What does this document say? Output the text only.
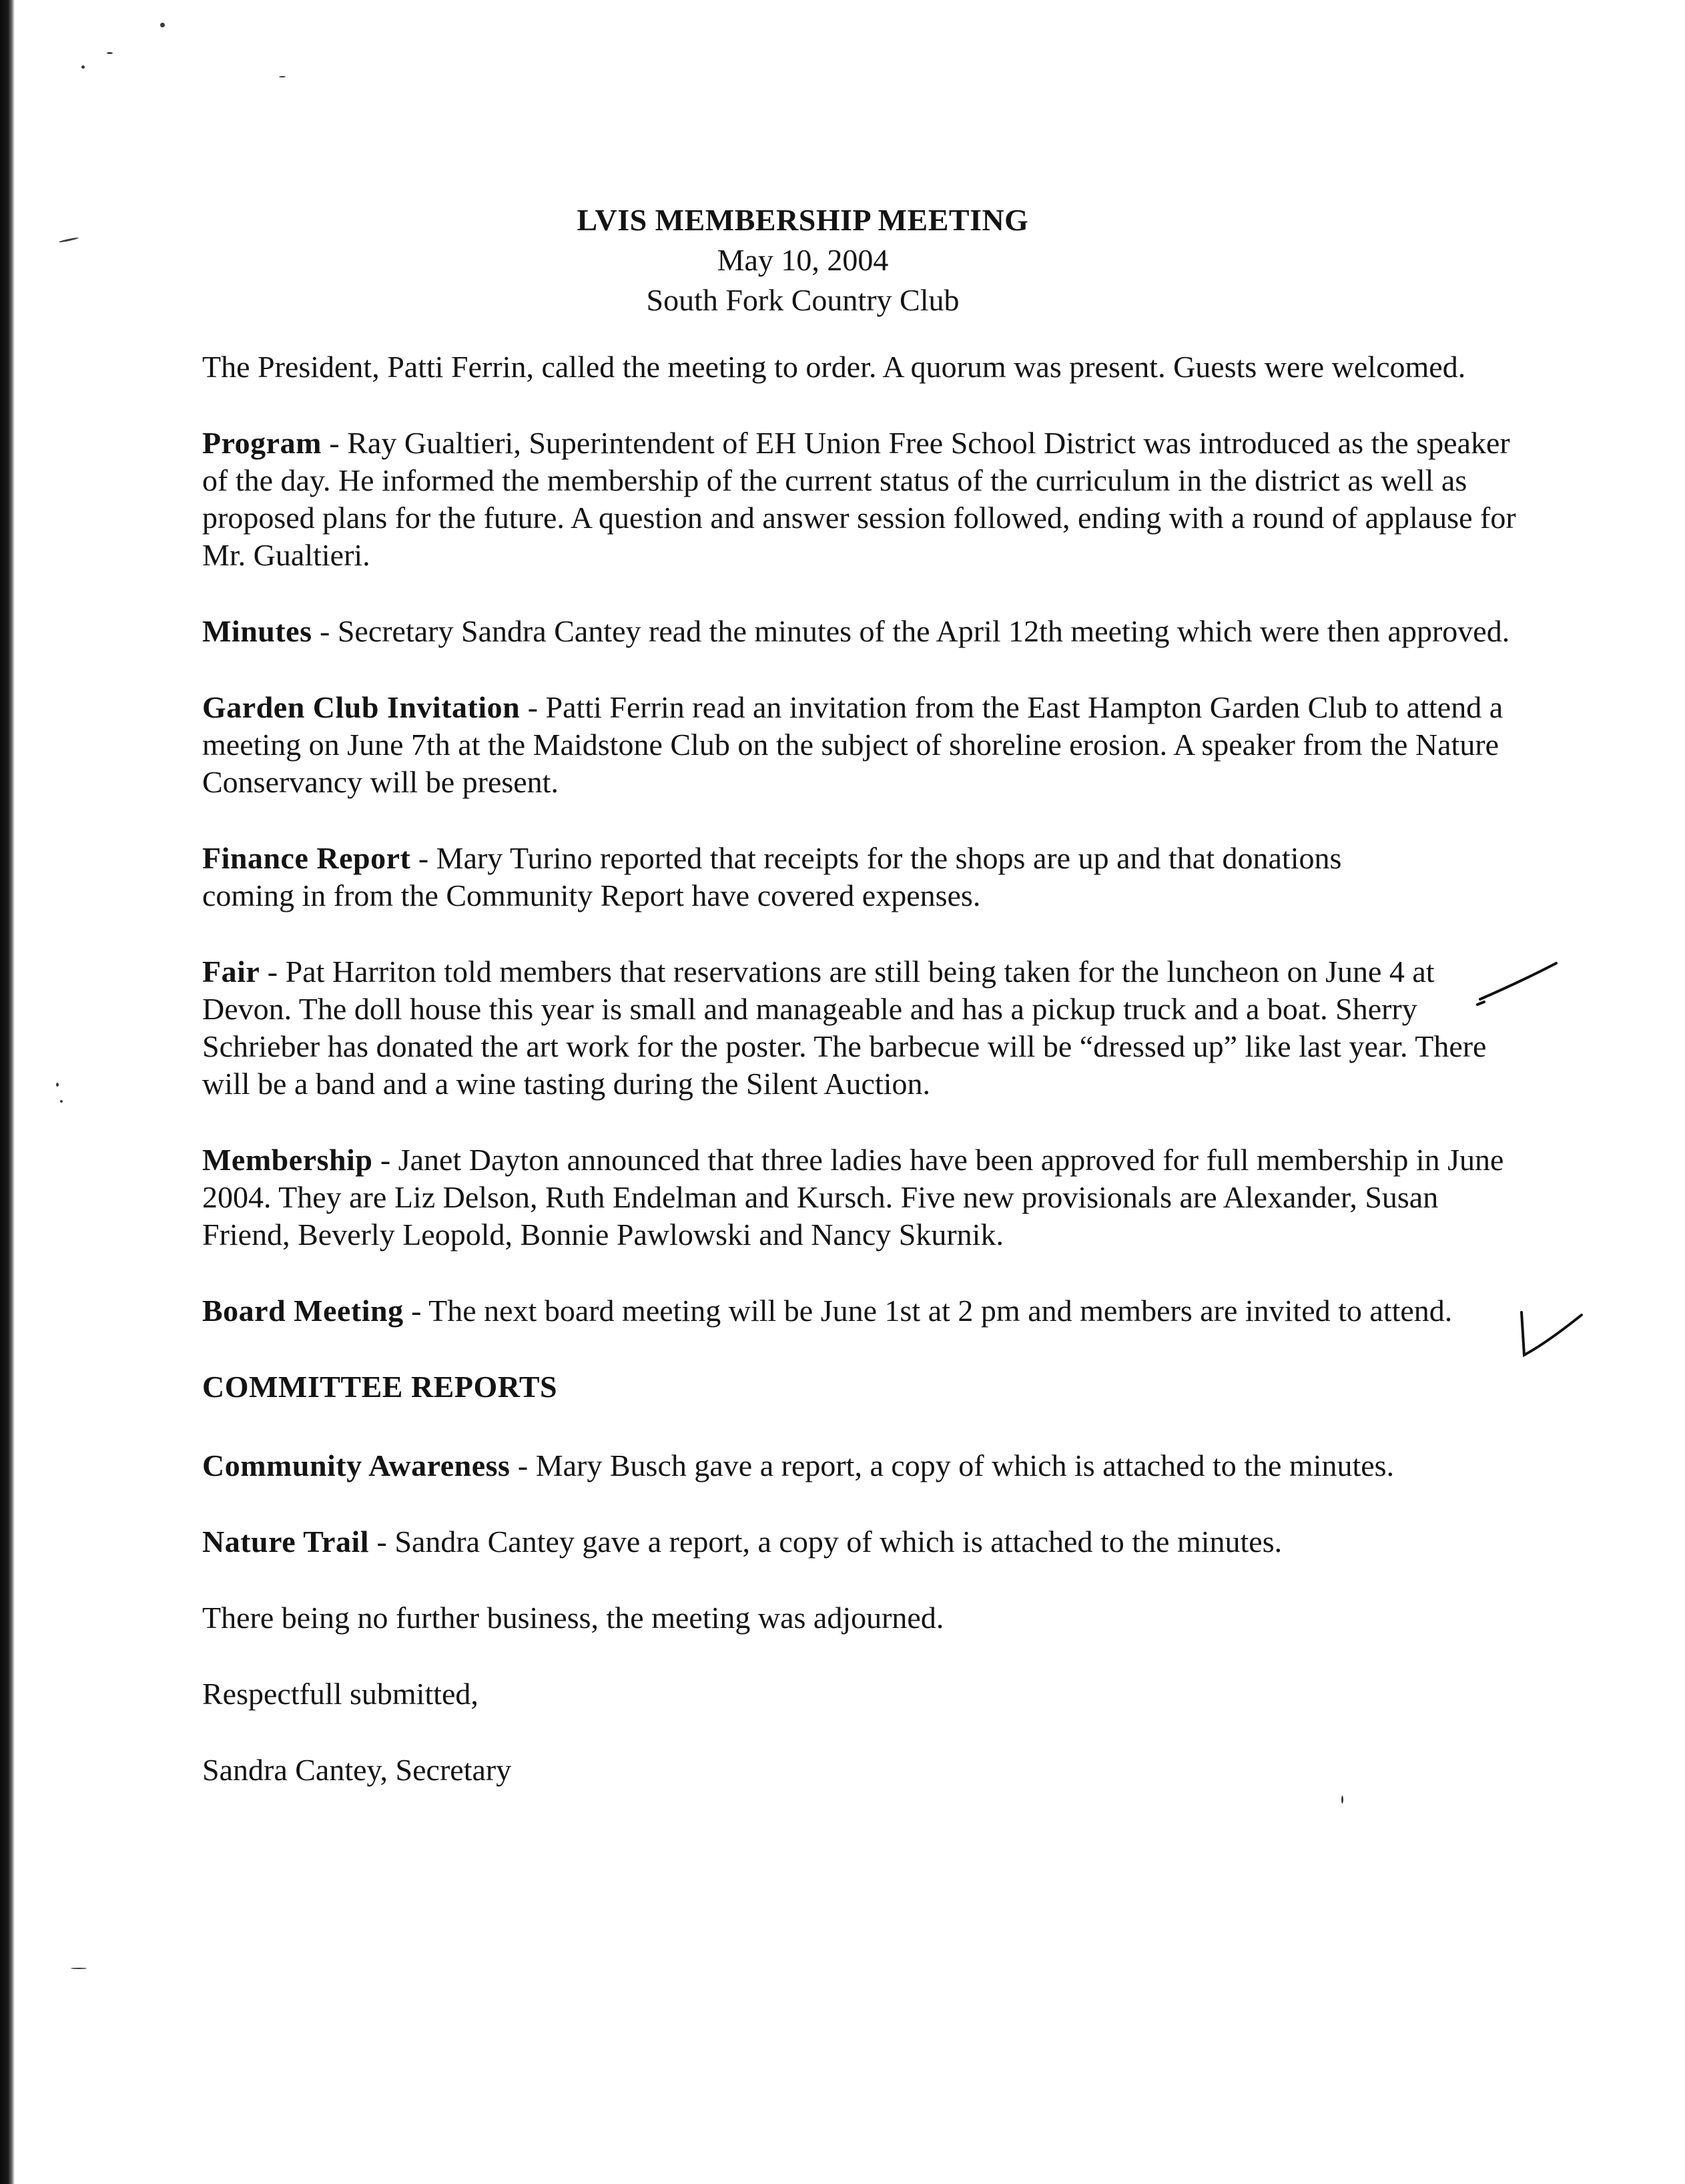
LVIS MEMBERSHIP MEETING
May 10, 2004
South Fork Country Club

The President, Patti Ferrin, called the meeting to order. A quorum was present. Guests were welcomed.

Program - Ray Gualtieri, Superintendent of EH Union Free School District was introduced as the speaker of the day. He informed the membership of the current status of the curriculum in the district as well as proposed plans for the future. A question and answer session followed, ending with a round of applause for Mr. Gualtieri.

Minutes - Secretary Sandra Cantey read the minutes of the April 12th meeting which were then approved.

Garden Club Invitation - Patti Ferrin read an invitation from the East Hampton Garden Club to attend a meeting on June 7th at the Maidstone Club on the subject of shoreline erosion. A speaker from the Nature Conservancy will be present.

Finance Report - Mary Turino reported that receipts for the shops are up and that donations coming in from the Community Report have covered expenses.

Fair - Pat Harriton told members that reservations are still being taken for the luncheon on June 4 at Devon. The doll house this year is small and manageable and has a pickup truck and a boat. Sherry Schrieber has donated the art work for the poster. The barbecue will be “dressed up” like last year. There will be a band and a wine tasting during the Silent Auction.

Membership - Janet Dayton announced that three ladies have been approved for full membership in June 2004. They are Liz Delson, Ruth Endelman and Kursch. Five new provisionals are Alexander, Susan Friend, Beverly Leopold, Bonnie Pawlowski and Nancy Skurnik.

Board Meeting - The next board meeting will be June 1st at 2 pm and members are invited to attend.

COMMITTEE REPORTS

Community Awareness - Mary Busch gave a report, a copy of which is attached to the minutes.

Nature Trail - Sandra Cantey gave a report, a copy of which is attached to the minutes.

There being no further business, the meeting was adjourned.

Respectfull submitted,

Sandra Cantey, Secretary
